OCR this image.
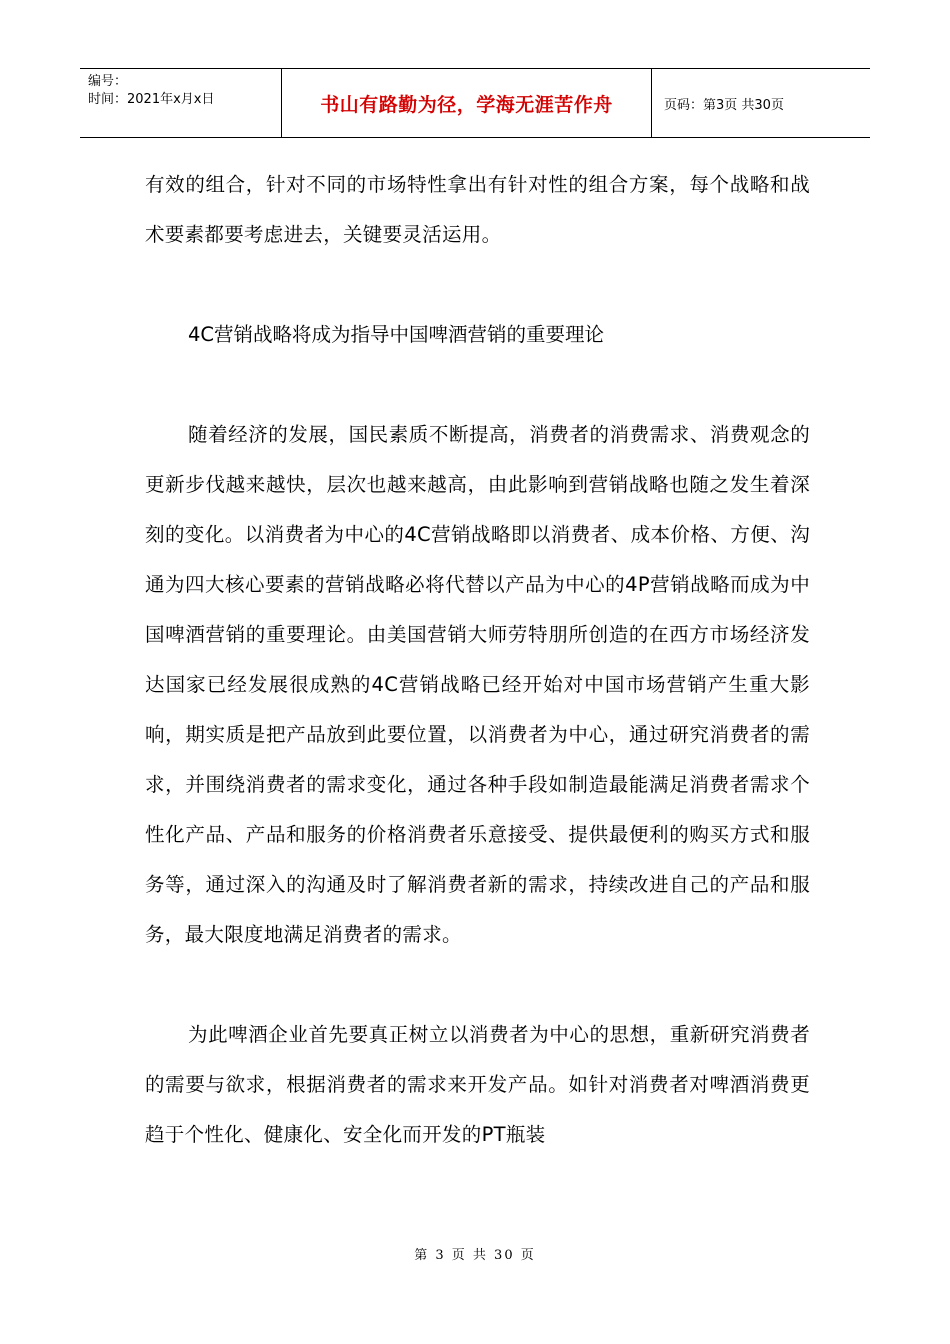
编号：
时间：2021年x月x日	书山有路勤为径，学海无涯苦作舟	页码：第3页 共30页

有效的组合，针对不同的市场特性拿出有针对性的组合方案，每个战略和战术要素都要考虑进去，关键要灵活运用。

4C营销战略将成为指导中国啤酒营销的重要理论

随着经济的发展，国民素质不断提高，消费者的消费需求、消费观念的更新步伐越来越快，层次也越来越高，由此影响到营销战略也随之发生着深刻的变化。以消费者为中心的4C营销战略即以消费者、成本价格、方便、沟通为四大核心要素的营销战略必将代替以产品为中心的4P营销战略而成为中国啤酒营销的重要理论。由美国营销大师劳特朋所创造的在西方市场经济发达国家已经发展很成熟的4C营销战略已经开始对中国市场营销产生重大影响，期实质是把产品放到此要位置，以消费者为中心，通过研究消费者的需求，并围绕消费者的需求变化，通过各种手段如制造最能满足消费者需求个性化产品、产品和服务的价格消费者乐意接受、提供最便利的购买方式和服务等，通过深入的沟通及时了解消费者新的需求，持续改进自己的产品和服务，最大限度地满足消费者的需求。

为此啤酒企业首先要真正树立以消费者为中心的思想，重新研究消费者的需要与欲求，根据消费者的需求来开发产品。如针对消费者对啤酒消费更趋于个性化、健康化、安全化而开发的PT瓶装

第 3 页 共 30 页
